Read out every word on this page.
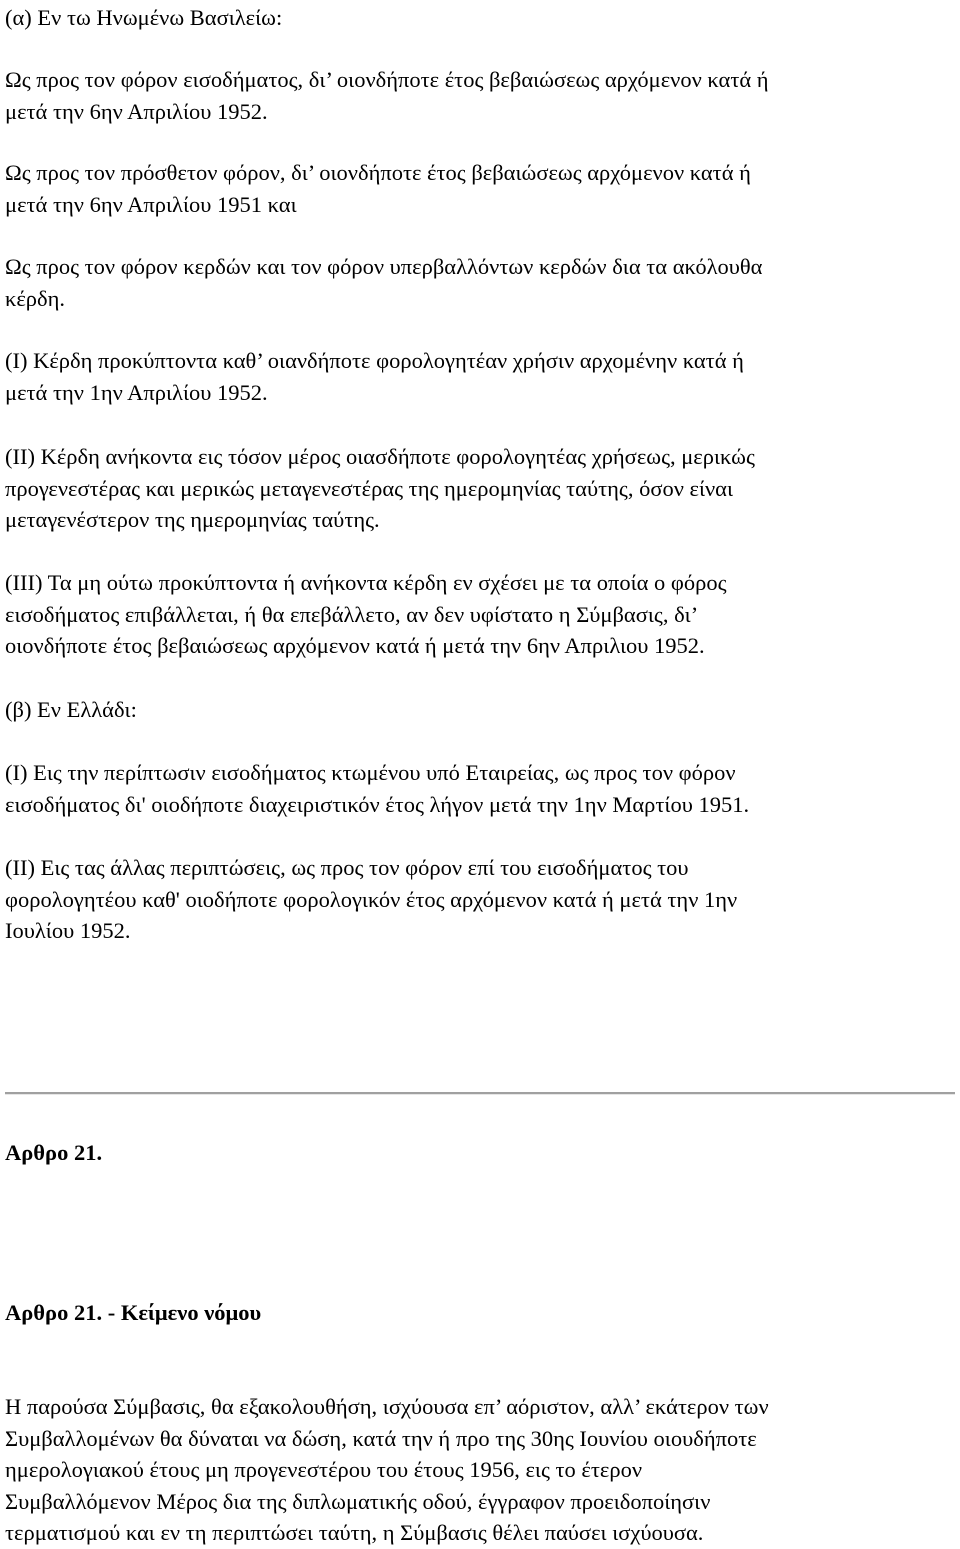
(α) Εν τω Ηνωμένω Βασιλείω:

Ως προς τον φόρον εισοδήματος, δι’ οιονδήποτε έτος βεβαιώσεως αρχόμενον κατά ή
μετά την 6ην Απριλίου 1952.

Ως προς τον πρόσθετον φόρον, δι’ οιονδήποτε έτος βεβαιώσεως αρχόμενον κατά ή
μετά την 6ην Απριλίου 1951 και

Ως προς τον φόρον κερδών και τον φόρον υπερβαλλόντων κερδών δια τα ακόλουθα
κέρδη.

(Ι) Κέρδη προκύπτοντα καθ’ οιανδήποτε φορολογητέαν χρήσιν αρχομένην κατά ή
μετά την 1ην Απριλίου 1952.

(ΙΙ) Κέρδη ανήκοντα εις τόσον μέρος οιασδήποτε φορολογητέας χρήσεως, μερικώς
προγενεστέρας και μερικώς μεταγενεστέρας της ημερομηνίας ταύτης, όσον είναι
μεταγενέστερον της ημερομηνίας ταύτης.

(ΙΙΙ) Τα μη ούτω προκύπτοντα ή ανήκοντα κέρδη εν σχέσει με τα οποία ο φόρος
εισοδήματος επιβάλλεται, ή θα επεβάλλετο, αν δεν υφίστατο η Σύμβασις, δι’
οιονδήποτε έτος βεβαιώσεως αρχόμενον κατά ή μετά την 6ην Απριλιου 1952.

(β) Εν Ελλάδι:

(Ι) Εις την περίπτωσιν εισοδήματος κτωμένου υπό Εταιρείας, ως προς τον φόρον
εισοδήματος δι' οιοδήποτε διαχειριστικόν έτος λήγον μετά την 1ην Μαρτίου 1951.

(ΙΙ) Εις τας άλλας περιπτώσεις, ως προς τον φόρον επί του εισοδήματος του
φορολογητέου καθ' οιοδήποτε φορολογικόν έτος αρχόμενον κατά ή μετά την 1ην
Ιουλίου 1952.

Αρθρο 21.
Αρθρο 21. - Κείμενο νόμου

Η παρούσα Σύμβασις, θα εξακολουθήση, ισχύουσα επ’ αόριστον, αλλ’ εκάτερον των
Συμβαλλομένων θα δύναται να δώση, κατά την ή προ της 30ης Ιουνίου οιουδήποτε
ημερολογιακού έτους μη προγενεστέρου του έτους 1956, εις το έτερον
Συμβαλλόμενον Μέρος δια της διπλωματικής οδού, έγγραφον προειδοποίησιν
τερματισμού και εν τη περιπτώσει ταύτη, η Σύμβασις θέλει παύσει ισχύουσα.
